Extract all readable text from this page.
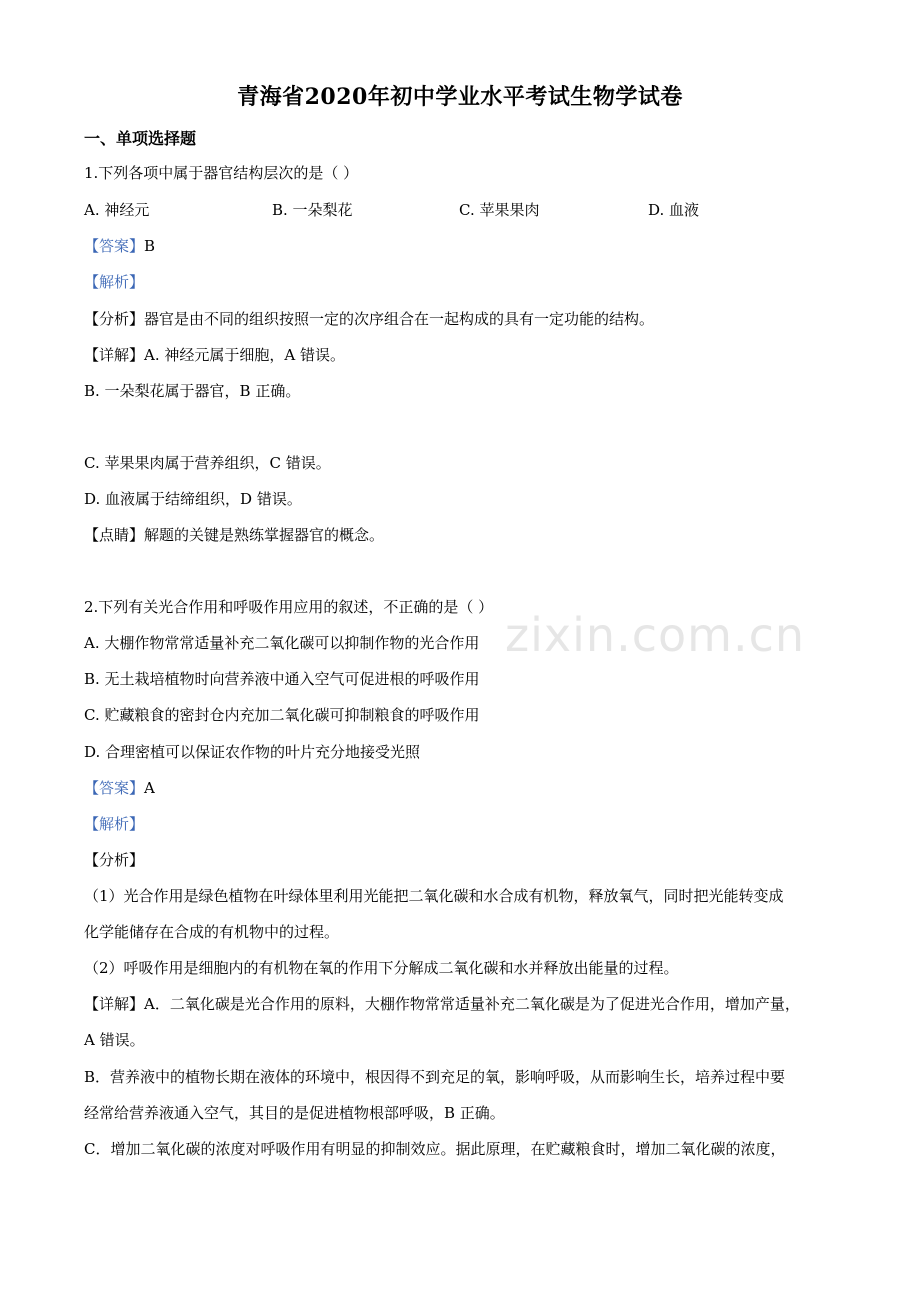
zixin.com.cn
青海省2020年初中学业水平考试生物学试卷
一、单项选择题
1.下列各项中属于器官结构层次的是（ ）
A. 神经元	B. 一朵梨花	C. 苹果果肉	D. 血液
【答案】B
【解析】
【分析】器官是由不同的组织按照一定的次序组合在一起构成的具有一定功能的结构。
【详解】A. 神经元属于细胞，A 错误。
B. 一朵梨花属于器官，B 正确。
C. 苹果果肉属于营养组织，C 错误。
D. 血液属于结缔组织，D 错误。
【点睛】解题的关键是熟练掌握器官的概念。
2.下列有关光合作用和呼吸作用应用的叙述，不正确的是（ ）
A. 大棚作物常常适量补充二氧化碳可以抑制作物的光合作用
B. 无土栽培植物时向营养液中通入空气可促进根的呼吸作用
C. 贮藏粮食的密封仓内充加二氧化碳可抑制粮食的呼吸作用
D. 合理密植可以保证农作物的叶片充分地接受光照
【答案】A
【解析】
【分析】
（1）光合作用是绿色植物在叶绿体里利用光能把二氧化碳和水合成有机物，释放氧气，同时把光能转变成
化学能储存在合成的有机物中的过程。
（2）呼吸作用是细胞内的有机物在氧的作用下分解成二氧化碳和水并释放出能量的过程。
【详解】A．二氧化碳是光合作用的原料，大棚作物常常适量补充二氧化碳是为了促进光合作用，增加产量，
A 错误。
B．营养液中的植物长期在液体的环境中，根因得不到充足的氧，影响呼吸，从而影响生长，培养过程中要
经常给营养液通入空气，其目的是促进植物根部呼吸，B 正确。
C．增加二氧化碳的浓度对呼吸作用有明显的抑制效应。据此原理，在贮藏粮食时，增加二氧化碳的浓度，
